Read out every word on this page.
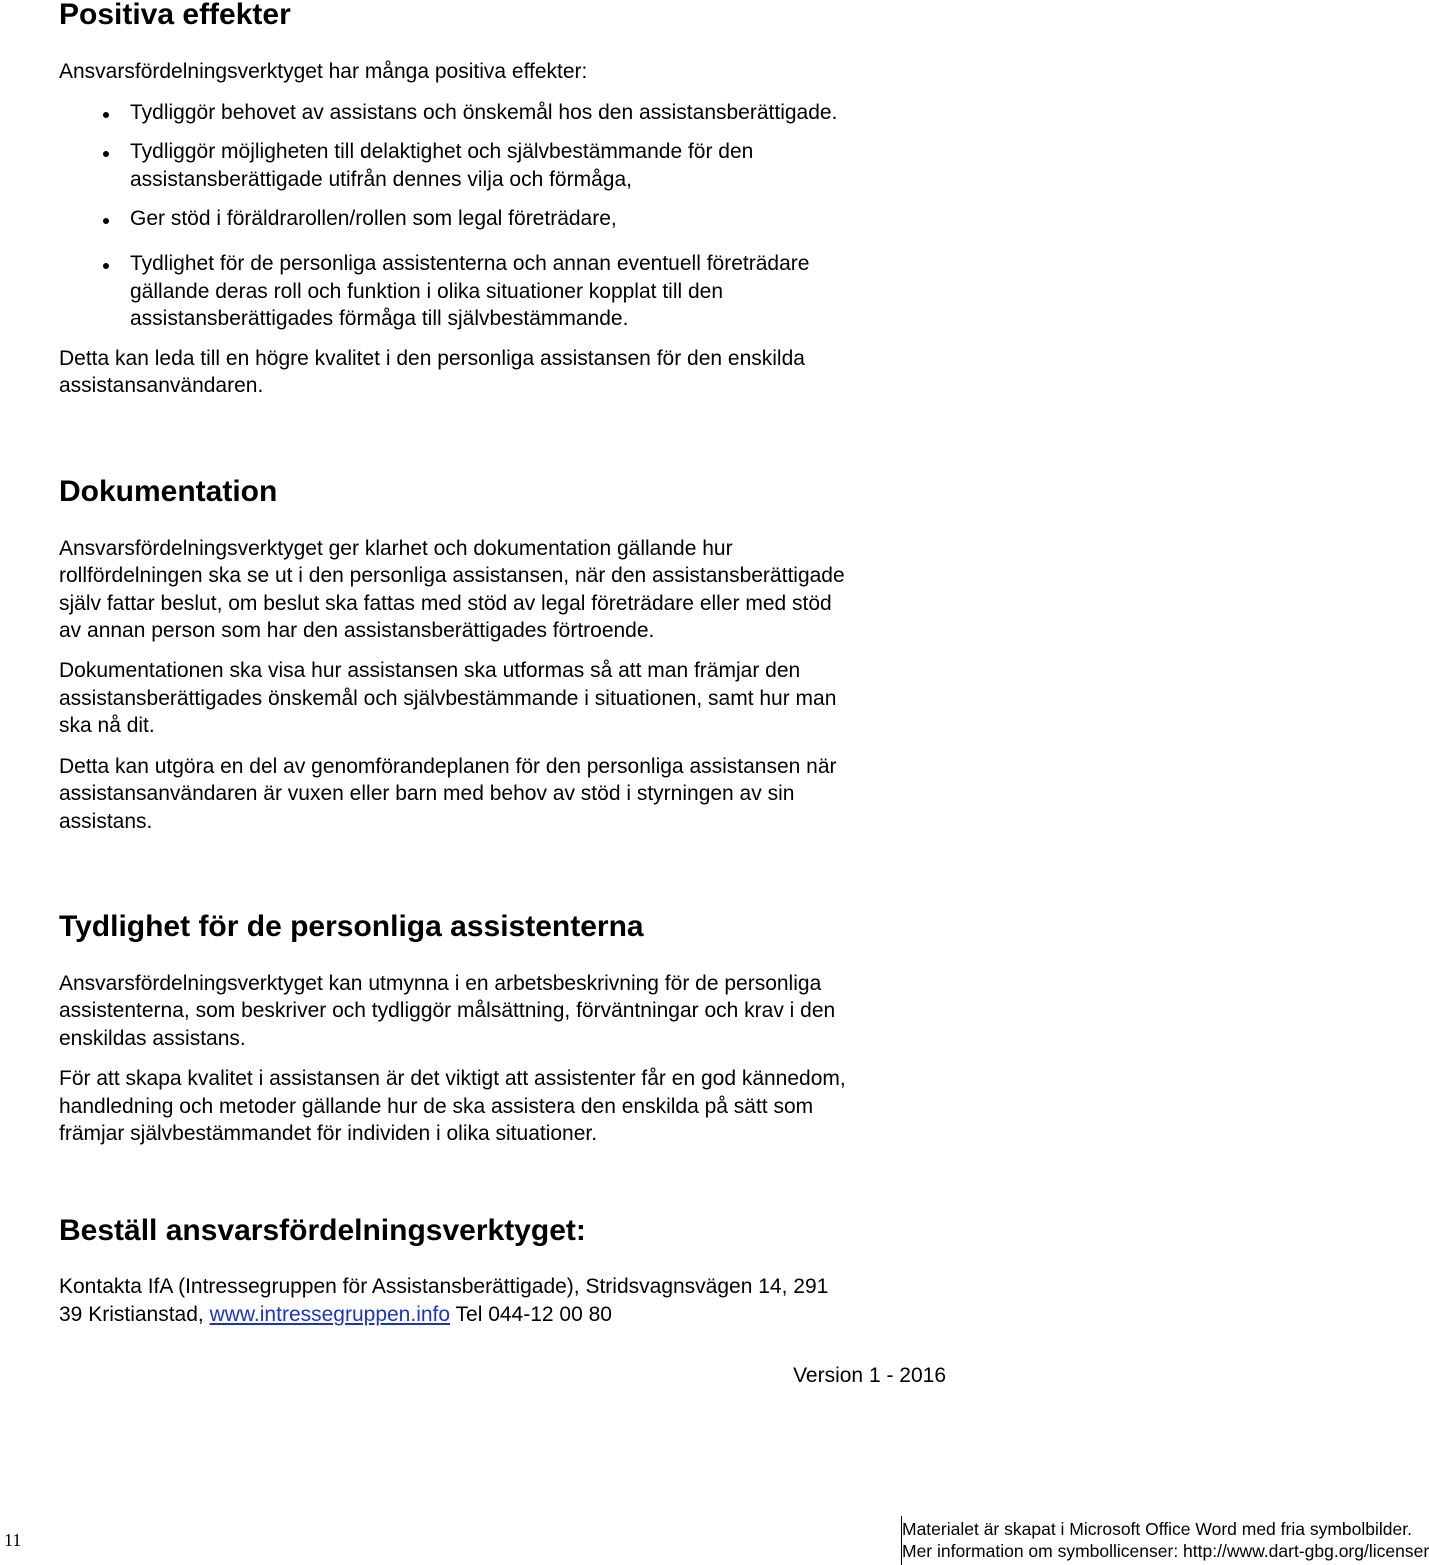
Positiva effekter

Ansvarsfördelningsverktyget har många positiva effekter:

Tydliggör behovet av assistans och önskemål hos den assistansberättigade.
Tydliggör möjligheten till delaktighet och självbestämmande för den
assistansberättigade utifrån dennes vilja och förmåga,
Ger stöd i föräldrarollen/rollen som legal företrädare,
Tydlighet för de personliga assistenterna och annan eventuell företrädare
gällande deras roll och funktion i olika situationer kopplat till den
assistansberättigades förmåga till självbestämmande.

Detta kan leda till en högre kvalitet i den personliga assistansen för den enskilda

assistansanvändaren.

Dokumentation

Ansvarsfördelningsverktyget ger klarhet och dokumentation gällande hur

rollfördelningen ska se ut i den personliga assistansen, när den assistansberättigade

själv fattar beslut, om beslut ska fattas med stöd av legal företrädare eller med stöd

av annan person som har den assistansberättigades förtroende.

Dokumentationen ska visa hur assistansen ska utformas så att man främjar den

assistansberättigades önskemål och självbestämmande i situationen, samt hur man

ska nå dit.

Detta kan utgöra en del av genomförandeplanen för den personliga assistansen när

assistansanvändaren är vuxen eller barn med behov av stöd i styrningen av sin

assistans.

Tydlighet för de personliga assistenterna

Ansvarsfördelningsverktyget kan utmynna i en arbetsbeskrivning för de personliga

assistenterna, som beskriver och tydliggör målsättning, förväntningar och krav i den

enskildas assistans.

För att skapa kvalitet i assistansen är det viktigt att assistenter får en god kännedom,

handledning och metoder gällande hur de ska assistera den enskilda på sätt som

främjar självbestämmandet för individen i olika situationer.

Beställ ansvarsfördelningsverktyget:

Kontakta IfA (Intressegruppen för Assistansberättigade), Stridsvagnsvägen 14, 291

39 Kristianstad, www.intressegruppen.info Tel 044-12 00 80

Version 1 - 2016

11
Materialet är skapat i Microsoft Office Word med fria symbolbilder.
Mer information om symbollicenser: http://www.dart-gbg.org/licenser
